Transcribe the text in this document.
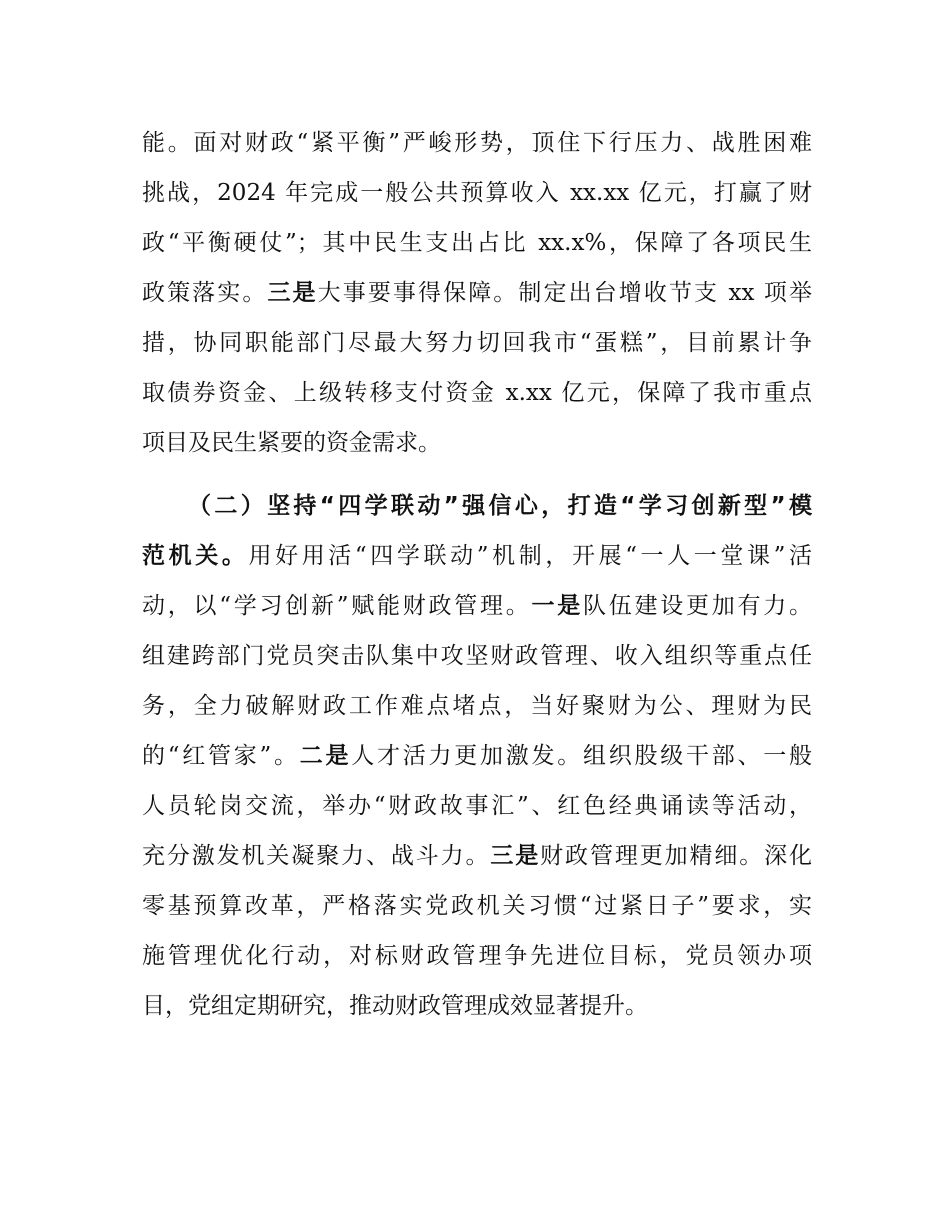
能。面对财政“紧平衡”严峻形势，顶住下行压力、战胜困难
挑战，2024 年完成一般公共预算收入 xx.xx 亿元，打赢了财
政“平衡硬仗”；其中民生支出占比 xx.x%，保障了各项民生
政策落实。三是大事要事得保障。制定出台增收节支 xx 项举
措，协同职能部门尽最大努力切回我市“蛋糕”，目前累计争
取债券资金、上级转移支付资金 x.xx 亿元，保障了我市重点
项目及民生紧要的资金需求。
（二）坚持“四学联动”强信心，打造“学习创新型”模
范机关。用好用活“四学联动”机制，开展“一人一堂课”活
动，以“学习创新”赋能财政管理。一是队伍建设更加有力。
组建跨部门党员突击队集中攻坚财政管理、收入组织等重点任
务，全力破解财政工作难点堵点，当好聚财为公、理财为民
的“红管家”。二是人才活力更加激发。组织股级干部、一般
人员轮岗交流，举办“财政故事汇”、红色经典诵读等活动，
充分激发机关凝聚力、战斗力。三是财政管理更加精细。深化
零基预算改革，严格落实党政机关习惯“过紧日子”要求，实
施管理优化行动，对标财政管理争先进位目标，党员领办项
目，党组定期研究，推动财政管理成效显著提升。
